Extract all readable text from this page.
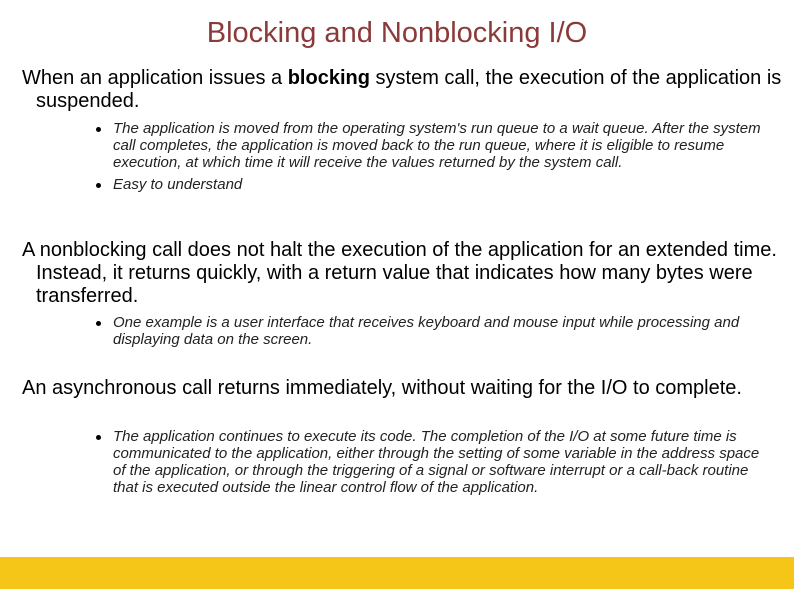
Blocking and Nonblocking I/O

When an application issues a blocking system call, the execution of the application is suspended.

The application is moved from the operating system's run queue to a wait queue. After the system call completes, the application is moved back to the run queue, where it is eligible to resume execution, at which time it will receive the values returned by the system call.
Easy to understand

A nonblocking call does not halt the execution of the application for an extended time. Instead, it returns quickly, with a return value that indicates how many bytes were transferred.

One example is a user interface that receives keyboard and mouse input while processing and displaying data on the screen.

An asynchronous call returns immediately, without waiting for the I/O to complete.

The application continues to execute its code. The completion of the I/O at some future time is communicated to the application, either through the setting of some variable in the address space of the application, or through the triggering of a signal or software interrupt or a call-back routine that is executed outside the linear control flow of the application.
